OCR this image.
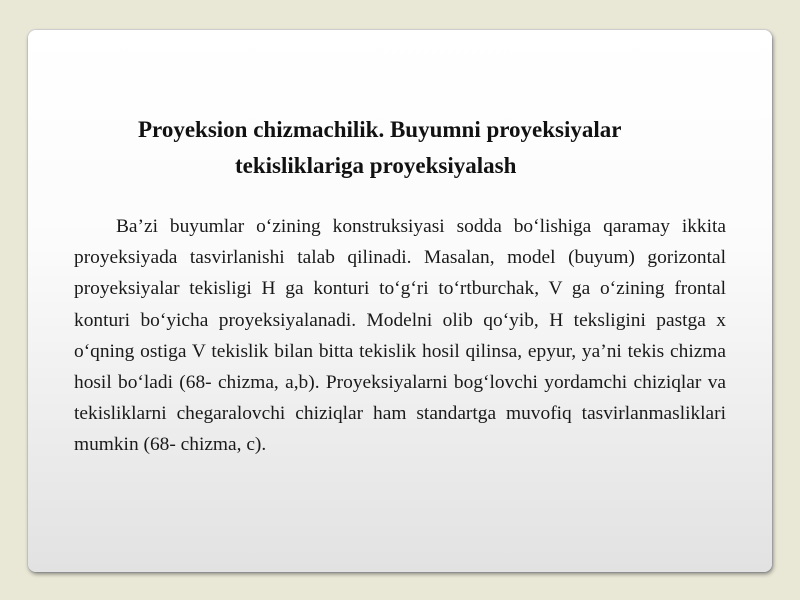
Proyeksion chizmachilik. Buyumni proyeksiyalar
tekisliklariga proyeksiyalash

Ba’zi buyumlar o‘zining konstruksiyasi sodda bo‘lishiga qaramay ikkita proyeksiyada tasvirlanishi talab qilinadi. Masalan, model (buyum) gorizontal proyeksiyalar tekisligi H ga konturi to‘g‘ri to‘rtburchak, V ga o‘zining frontal konturi bo‘yicha proyeksiyalanadi. Modelni olib qo‘yib, H teksligini pastga x o‘qning ostiga V tekislik bilan bitta tekislik hosil qilinsa, epyur, ya’ni tekis chizma hosil bo‘ladi (68- chizma, a,b). Proyeksiyalarni bog‘lovchi yordamchi chiziqlar va tekisliklarni chegaralovchi chiziqlar ham standartga muvofiq tasvirlanmasliklari mumkin (68- chizma, c).
